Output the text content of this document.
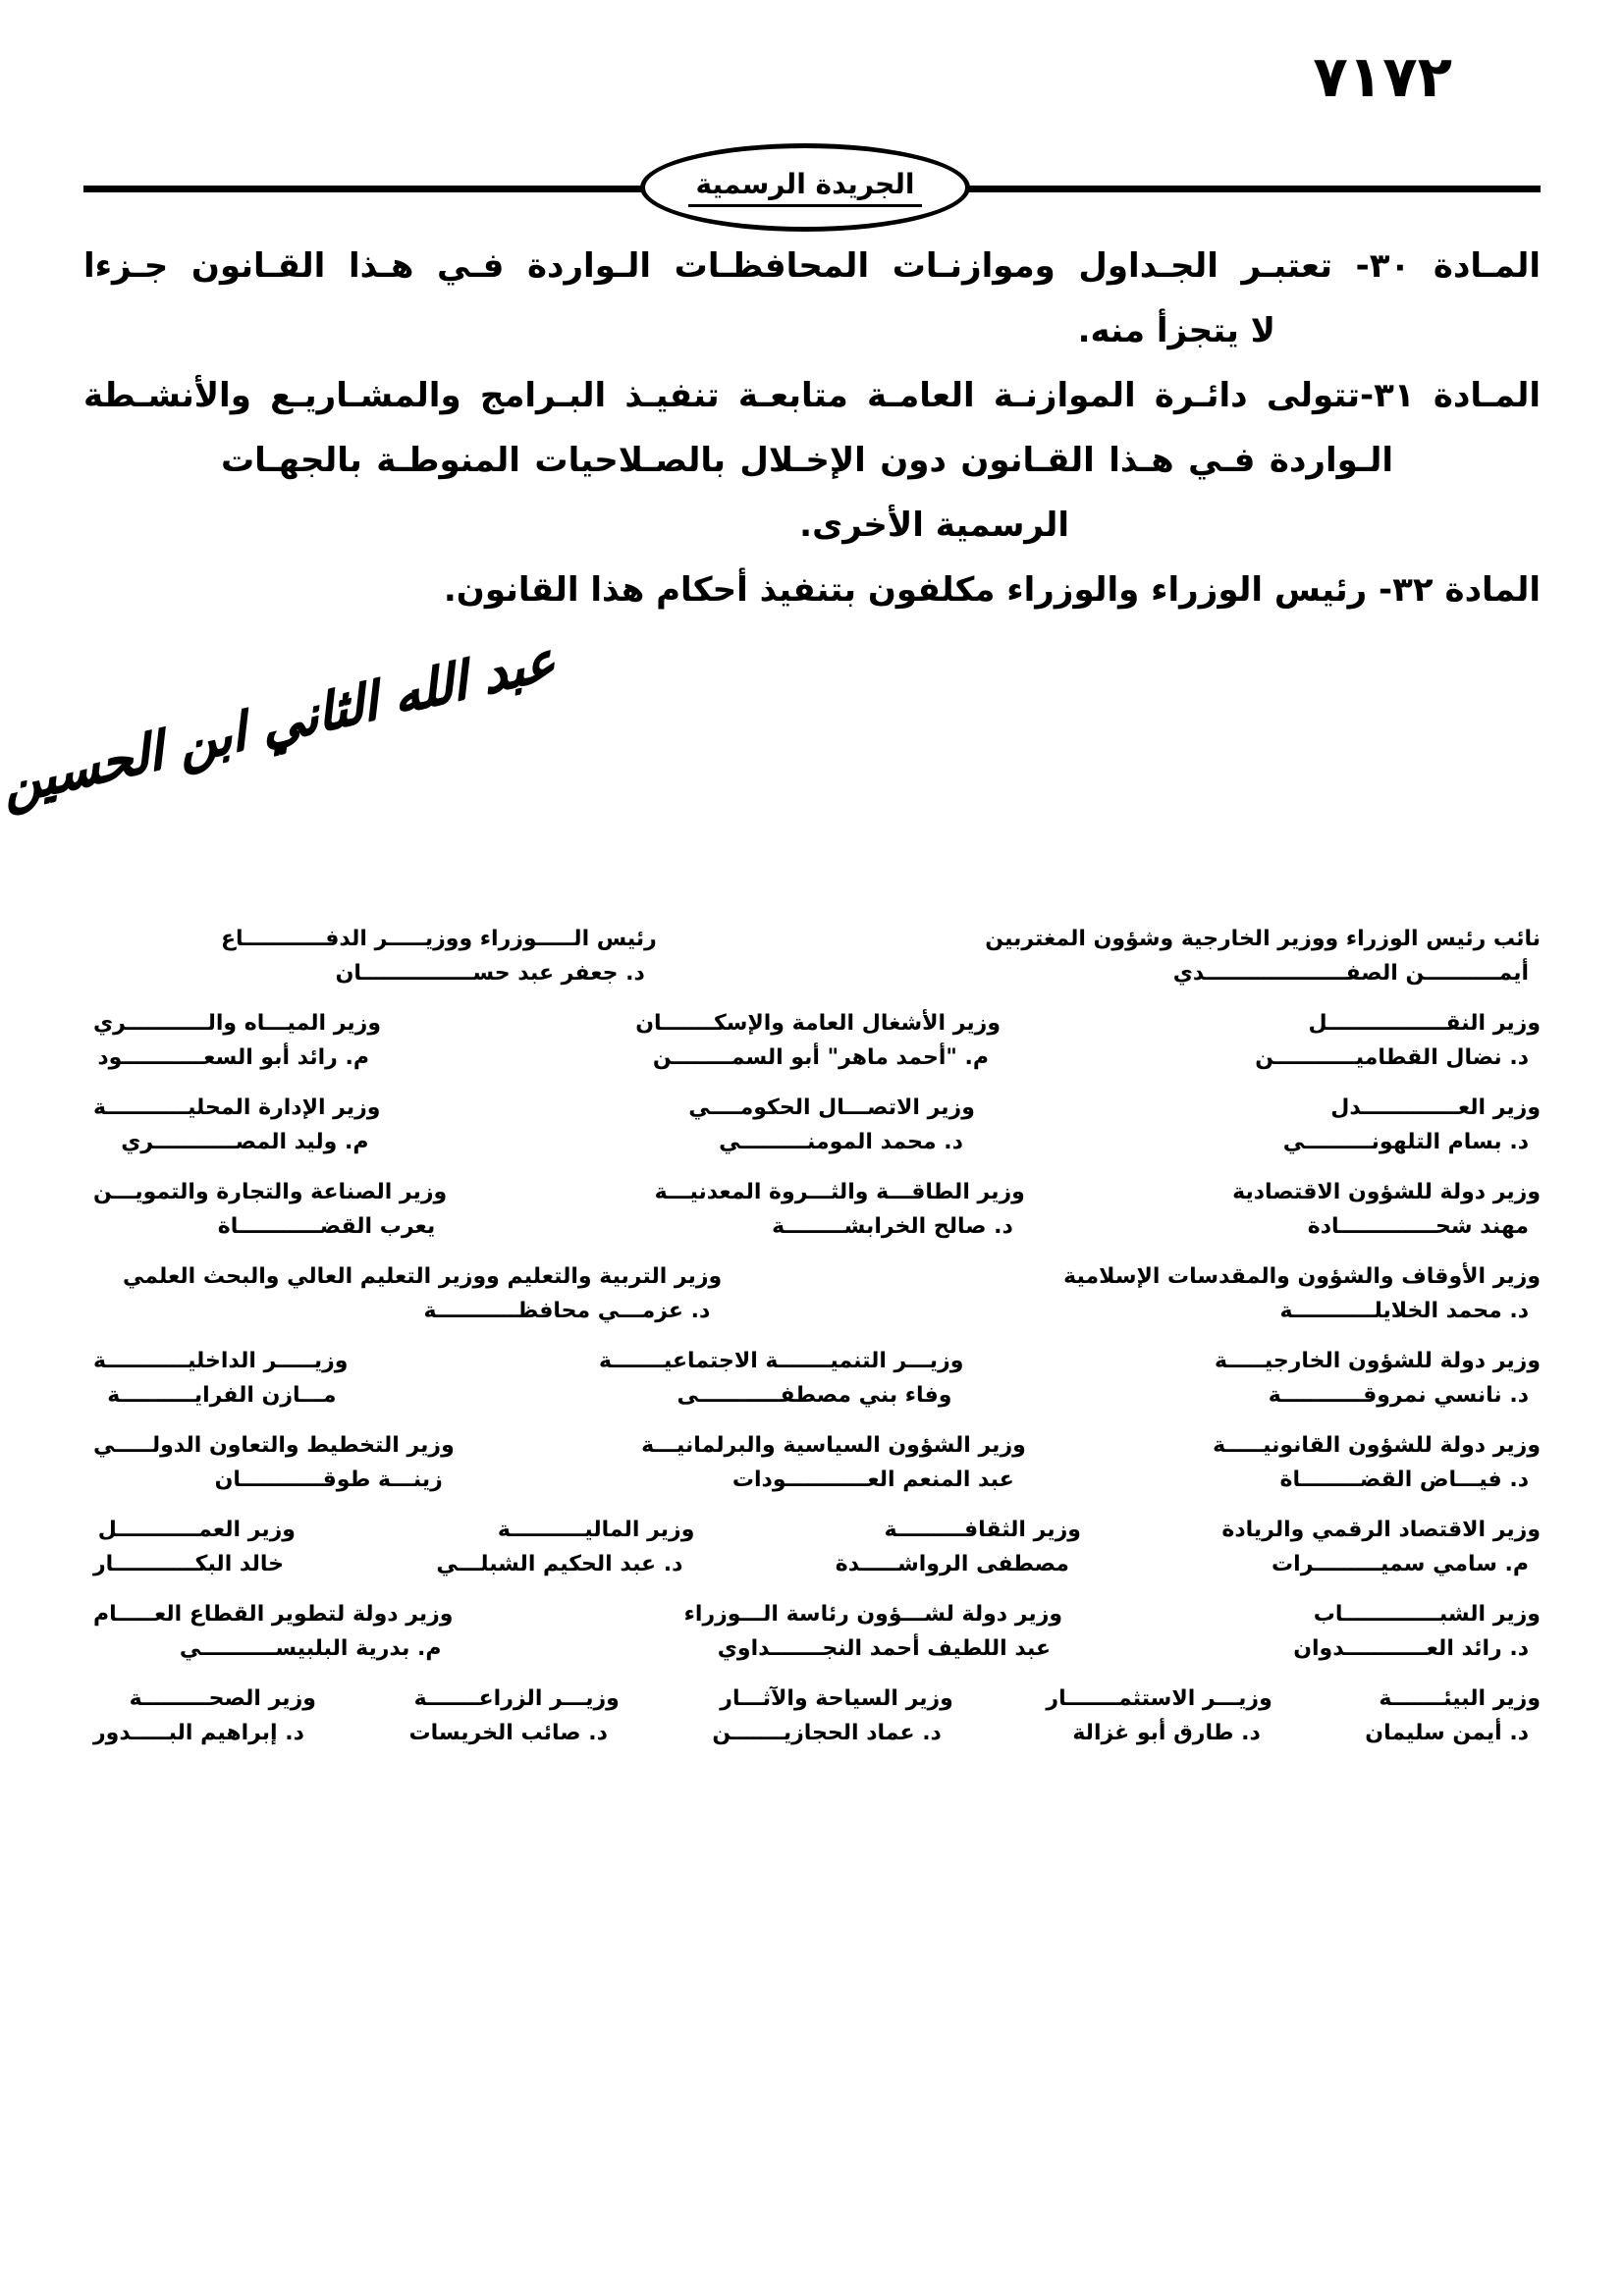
٧١٧٢
الجريدة الرسمية
المـادة ٣٠- تعتبـر الجـداول وموازنـات المحافظـات الـواردة فـي هـذا القـانون جـزءا
لا يتجزأ منه.
المـادة ٣١-تتولى دائـرة الموازنـة العامـة متابعـة تنفيـذ البـرامج والمشـاريـع والأنشـطة
الـواردة فـي هـذا القـانون دون الإخـلال بالصـلاحيات المنوطـة بالجهـات
الرسمية الأخرى.
المادة ٣٢- رئيس الوزراء والوزراء مكلفون بتنفيذ أحكام هذا القانون.
عبد الله الثاني ابن الحسين
نائب رئيس الوزراء ووزير الخارجية وشؤون المغتربين
أيمــــــــــن الصفـــــــــــــــــــدي
رئيس الـــــوزراء ووزيـــــر الدفـــــــــــاع
د. جعفر عبد حســـــــــــــــان
وزير النقــــــــــــــــل
د. نضال القطاميـــــــــــن
وزير الأشغال العامة والإسكـــــــان
م. "أحمد ماهر" أبو السمــــــــن
وزير الميـــاه والـــــــــــري
م. رائد أبو السعـــــــــــود
وزير العـــــــــــــدل
د. بسام التلهونـــــــــي
وزير الاتصـــال الحكومــــي
د. محمد المومنـــــــــي
وزير الإدارة المحليـــــــــــة
م. وليد المصـــــــــــري
وزير دولة للشؤون الاقتصادية
مهند شحـــــــــــــادة
وزير الطاقـــة والثـــروة المعدنيـــة
د. صالح الخرابشــــــــة
وزير الصناعة والتجارة والتمويـــن
يعرب القضـــــــــــاة
وزير الأوقاف والشؤون والمقدسات الإسلامية
د. محمد الخلايلـــــــــــة
وزير التربية والتعليم ووزير التعليم العالي والبحث العلمي
د. عزمـــي محافظـــــــــــة
وزير دولة للشؤون الخارجيـــــة
د. نانسي نمروقـــــــــــة
وزيـــر التنميـــــــة الاجتماعيـــــــة
وفاء بني مصطفـــــــــــى
وزيـــــر الداخليـــــــــــة
مـــازن الفرايــــــــــة
وزير دولة للشؤون القانونيـــــة
د. فيـــاض القضــــــــاة
وزير الشؤون السياسية والبرلمانيـــة
عبد المنعم العـــــــــــودات
وزير التخطيط والتعاون الدولـــــي
زينـــة طوقـــــــــــان
وزير الاقتصاد الرقمي والريادة
م. سامي سميـــــــــرات
وزير الثقافـــــــــة
مصطفى الرواشـــــدة
وزير الماليــــــــــة
د. عبد الحكيم الشبلـــي
وزير العمـــــــــــل
خالد البكـــــــــــار
وزير الشبـــــــــــــاب
د. رائد العـــــــــــدوان
وزير دولة لشـــؤون رئاسة الـــوزراء
عبد اللطيف أحمد النجـــــــداوي
وزير دولة لتطوير القطاع العـــــام
م. بدرية البلبيســــــــــي
وزير البيئـــــــة
د. أيمن سليمان
وزيـــر الاستثمـــــــار
د. طارق أبو غزالة
وزير السياحة والآثـــار
د. عماد الحجازيـــــــن
وزيـــر الزراعـــــــة
د. صائب الخريسات
وزير الصحـــــــــة
د. إبراهيم البـــــدور
